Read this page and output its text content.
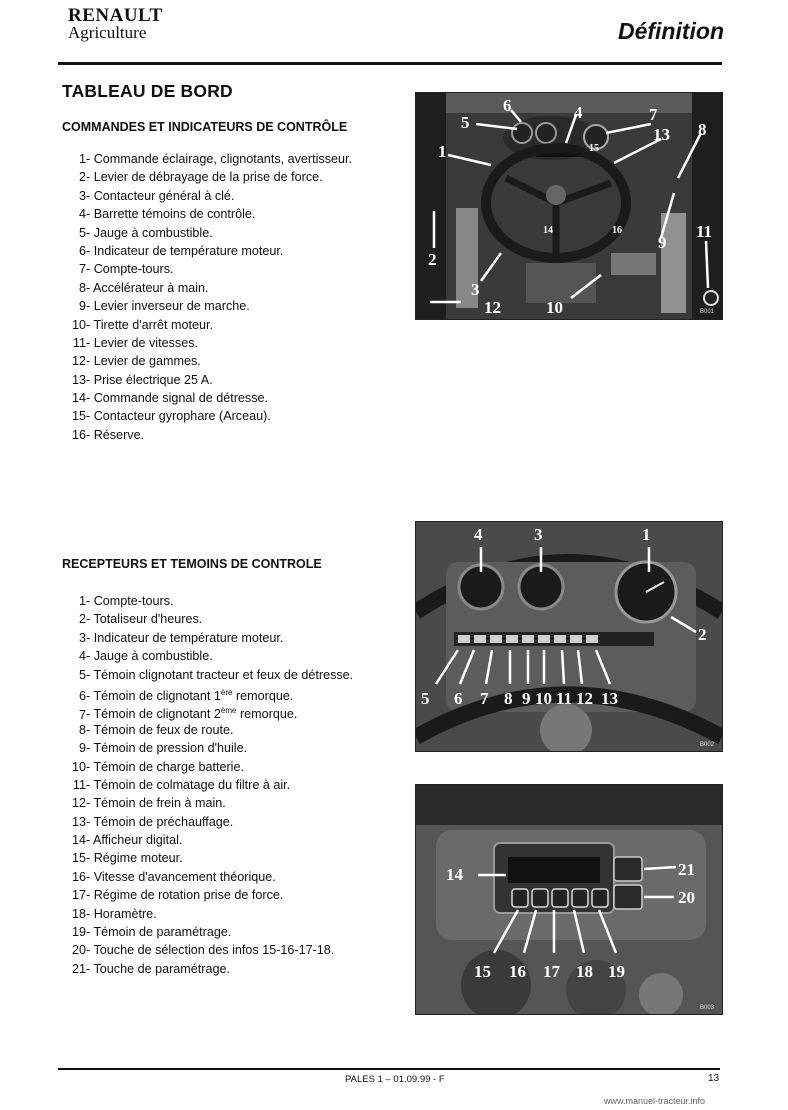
RENAULT
Agriculture	Définition
TABLEAU DE BORD
COMMANDES ET INDICATEURS DE CONTRÔLE
1- Commande éclairage, clignotants, avertisseur.
2- Levier de débrayage de la prise de force.
3- Contacteur général à clé.
4- Barrette témoins de contrôle.
5- Jauge à combustible.
6- Indicateur de température moteur.
7- Compte-tours.
8- Accélérateur à main.
9- Levier inverseur de marche.
10- Tirette d'arrêt moteur.
11- Levier de vitesses.
12- Levier de gammes.
13- Prise électrique 25 A.
14- Commande signal de détresse.
15- Contacteur gyrophare (Arceau).
16- Réserve.
RECEPTEURS ET TEMOINS DE CONTROLE
1- Compte-tours.
2- Totaliseur d'heures.
3- Indicateur de température moteur.
4- Jauge à combustible.
5- Témoin clignotant tracteur et feux de détresse.
6- Témoin de clignotant 1ère remorque.
7- Témoin de clignotant 2ème remorque.
8- Témoin de feux de route.
9- Témoin de pression d'huile.
10- Témoin de charge batterie.
11- Témoin de colmatage du filtre à air.
12- Témoin de frein à main.
13- Témoin de préchauffage.
14- Afficheur digital.
15- Régime moteur.
16- Vitesse d'avancement théorique.
17- Régime de rotation prise de force.
18- Horamètre.
19- Témoin de paramétrage.
20- Touche de sélection des infos 15-16-17-18.
21- Touche de paramétrage.
6
5
4	7
8
13
15
1
14	16
9
2
11
3
12	10	B001
4	3	1
2
5 6 7 8 9 10 11 12 13
B002
14	21
20
15 16 17 18 19
B003
PALES 1 – 01.09.99 - F	13
www.manuel-tracteur.info
